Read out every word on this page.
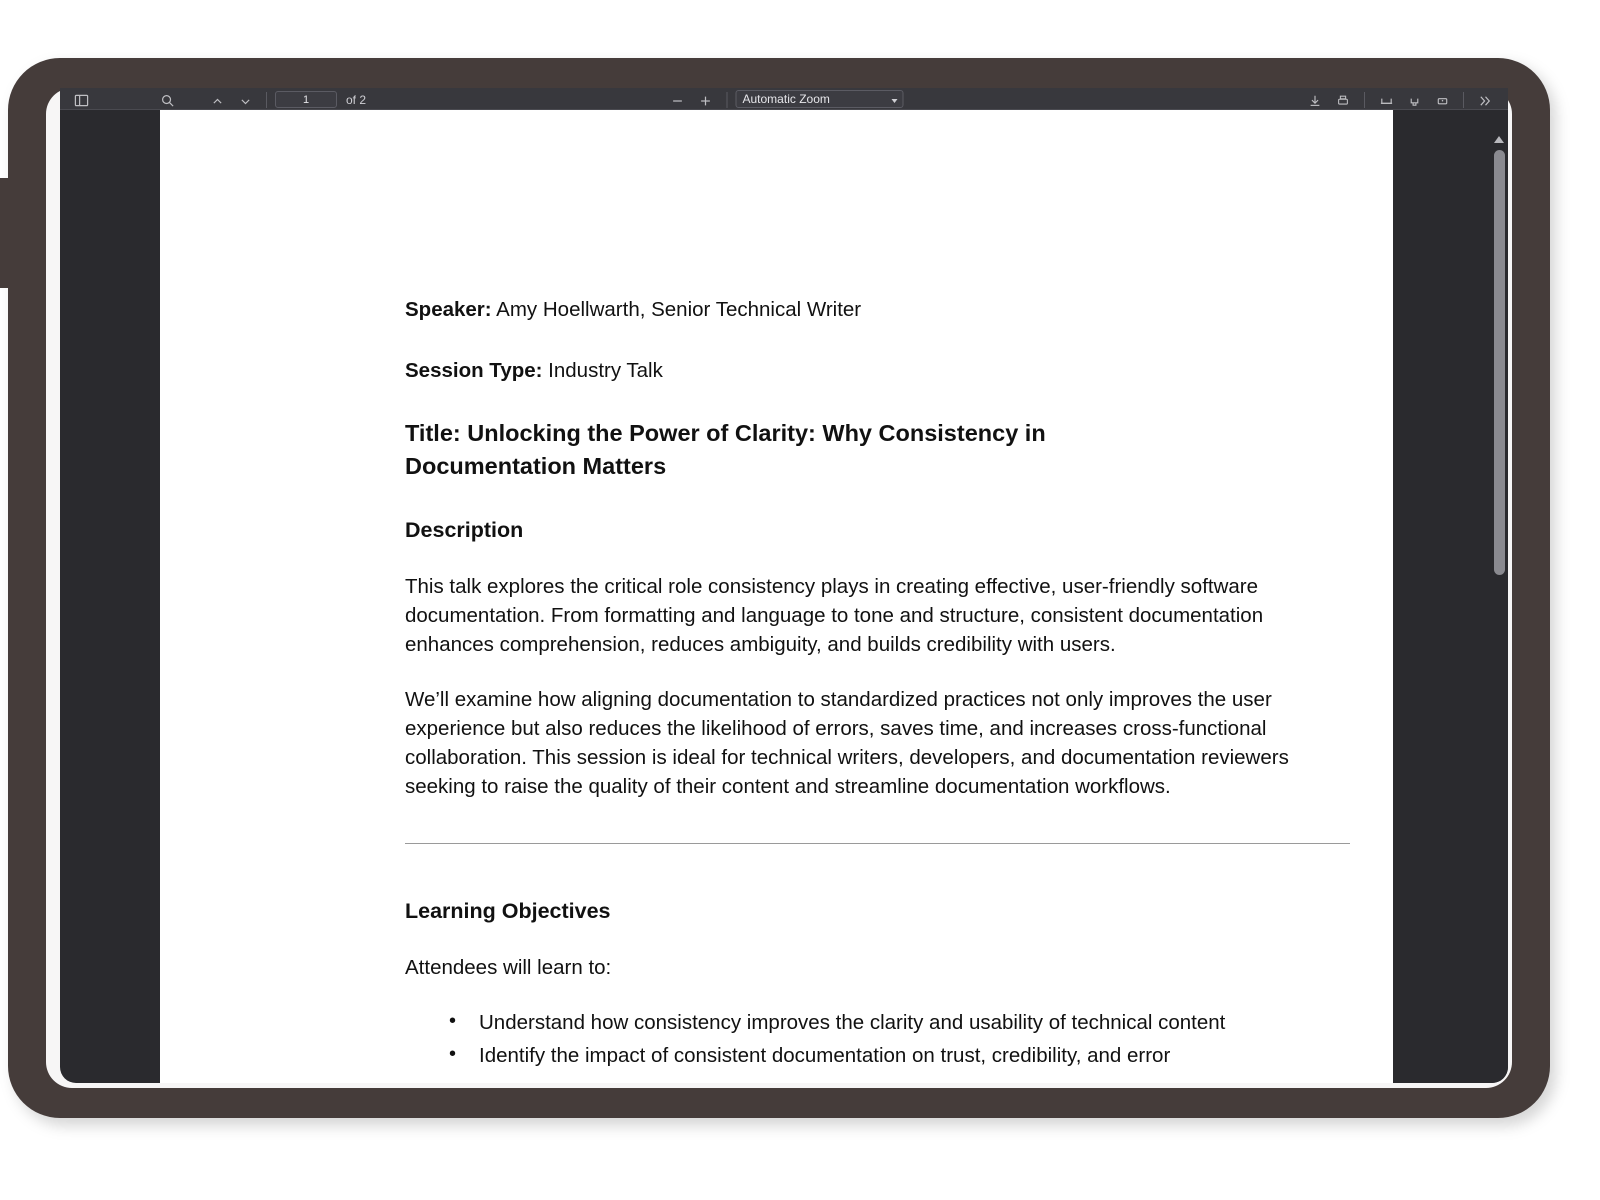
1	of 2	Automatic Zoom

Speaker: Amy Hoellwarth, Senior Technical Writer

Session Type: Industry Talk

Title: Unlocking the Power of Clarity: Why Consistency in Documentation Matters
Description

This talk explores the critical role consistency plays in creating effective, user-friendly software documentation. From formatting and language to tone and structure, consistent documentation enhances comprehension, reduces ambiguity, and builds credibility with users.

We’ll examine how aligning documentation to standardized practices not only improves the user experience but also reduces the likelihood of errors, saves time, and increases cross-functional collaboration. This session is ideal for technical writers, developers, and documentation reviewers seeking to raise the quality of their content and streamline documentation workflows.

Learning Objectives

Attendees will learn to:

• Understand how consistency improves the clarity and usability of technical content
• Identify the impact of consistent documentation on trust, credibility, and error
